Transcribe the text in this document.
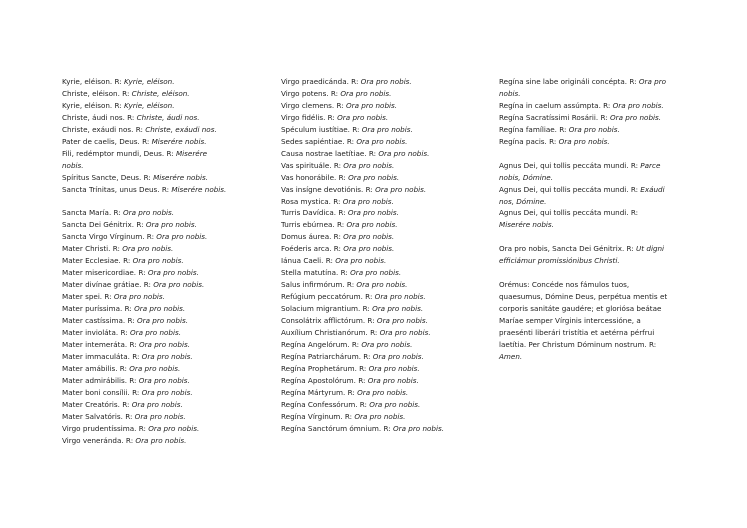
Kyrie, eléison. R: Kyrie, eléison.
Christe, eléison. R: Christe, eléison.
Kyrie, eléison. R: Kyrie, eléison.
Christe, áudi nos. R: Christe, áudi nos.
Christe, exáudi nos. R: Christe, exáudi nos.
Pater de caelis, Deus. R: Miserére nobis.
Fili, redémptor mundi, Deus. R: Miserére
nobis.
Spíritus Sancte, Deus. R: Miserére nobis.
Sancta Trínitas, unus Deus. R: Miserére nobis.
Sancta María. R: Ora pro nobis.
Sancta Dei Génitrix. R: Ora pro nobis.
Sancta Virgo Vírginum. R: Ora pro nobis.
Mater Christi. R: Ora pro nobis.
Mater Ecclesiae. R: Ora pro nobis.
Mater misericordiae. R: Ora pro nobis.
Mater divínae grátiae. R: Ora pro nobis.
Mater spei. R: Ora pro nobis.
Mater puríssima. R: Ora pro nobis.
Mater castíssima. R: Ora pro nobis.
Mater invioláta. R: Ora pro nobis.
Mater intemeráta. R: Ora pro nobis.
Mater immaculáta. R: Ora pro nobis.
Mater amábilis. R: Ora pro nobis.
Mater admirábilis. R: Ora pro nobis.
Mater boni consílii. R: Ora pro nobis.
Mater Creatóris. R: Ora pro nobis.
Mater Salvatóris. R: Ora pro nobis.
Virgo prudentíssima. R: Ora pro nobis.
Virgo veneránda. R: Ora pro nobis.
Virgo praedicánda. R: Ora pro nobis.
Virgo potens. R: Ora pro nobis.
Virgo clemens. R: Ora pro nobis.
Virgo fidélis. R: Ora pro nobis.
Spéculum iustítiae. R: Ora pro nobis.
Sedes sapiéntiae. R: Ora pro nobis.
Causa nostrae laetítiae. R: Ora pro nobis.
Vas spirituále. R: Ora pro nobis.
Vas honorábile. R: Ora pro nobis.
Vas insígne devotiónis. R: Ora pro nobis.
Rosa mystica. R: Ora pro nobis.
Turris Davídica. R: Ora pro nobis.
Turris ebúrnea. R: Ora pro nobis.
Domus áurea. R: Ora pro nobis.
Foéderis arca. R: Ora pro nobis.
Iánua Caeli. R: Ora pro nobis.
Stella matutína. R: Ora pro nobis.
Salus infirmórum. R: Ora pro nobis.
Refúgium peccatórum. R: Ora pro nobis.
Solacium migrantium. R: Ora pro nobis.
Consolátrix afflictórum. R: Ora pro nobis.
Auxílium Christianórum. R: Ora pro nobis.
Regína Angelórum. R: Ora pro nobis.
Regína Patriarchárum. R: Ora pro nobis.
Regína Prophetárum. R: Ora pro nobis.
Regína Apostolórum. R: Ora pro nobis.
Regína Mártyrum. R: Ora pro nobis.
Regína Confessórum. R: Ora pro nobis.
Regína Vírginum. R: Ora pro nobis.
Regína Sanctórum ómnium. R: Ora pro nobis.
Regína sine labe origináli concépta. R: Ora pro
nobis.
Regína in caelum assúmpta. R: Ora pro nobis.
Regína Sacratíssimi Rosárii. R: Ora pro nobis.
Regína famíliae. R: Ora pro nobis.
Regína pacis. R: Ora pro nobis.
Agnus Dei, qui tollis peccáta mundi. R: Parce
nobis, Dómine.
Agnus Dei, qui tollis peccáta mundi. R: Exáudi
nos, Dómine.
Agnus Dei, qui tollis peccáta mundi. R:
Miserére nobis.
Ora pro nobis, Sancta Dei Génitrix. R: Ut digni
efficiámur promissiónibus Christi.
Orémus: Concéde nos fámulos tuos,
quaesumus, Dómine Deus, perpétua mentis et
corporis sanitáte gaudére; et gloriósa beátae
Maríae semper Vírginis intercessióne, a
praesénti liberári tristítia et aetérna pérfrui
laetítia. Per Christum Dóminum nostrum. R:
Amen.
